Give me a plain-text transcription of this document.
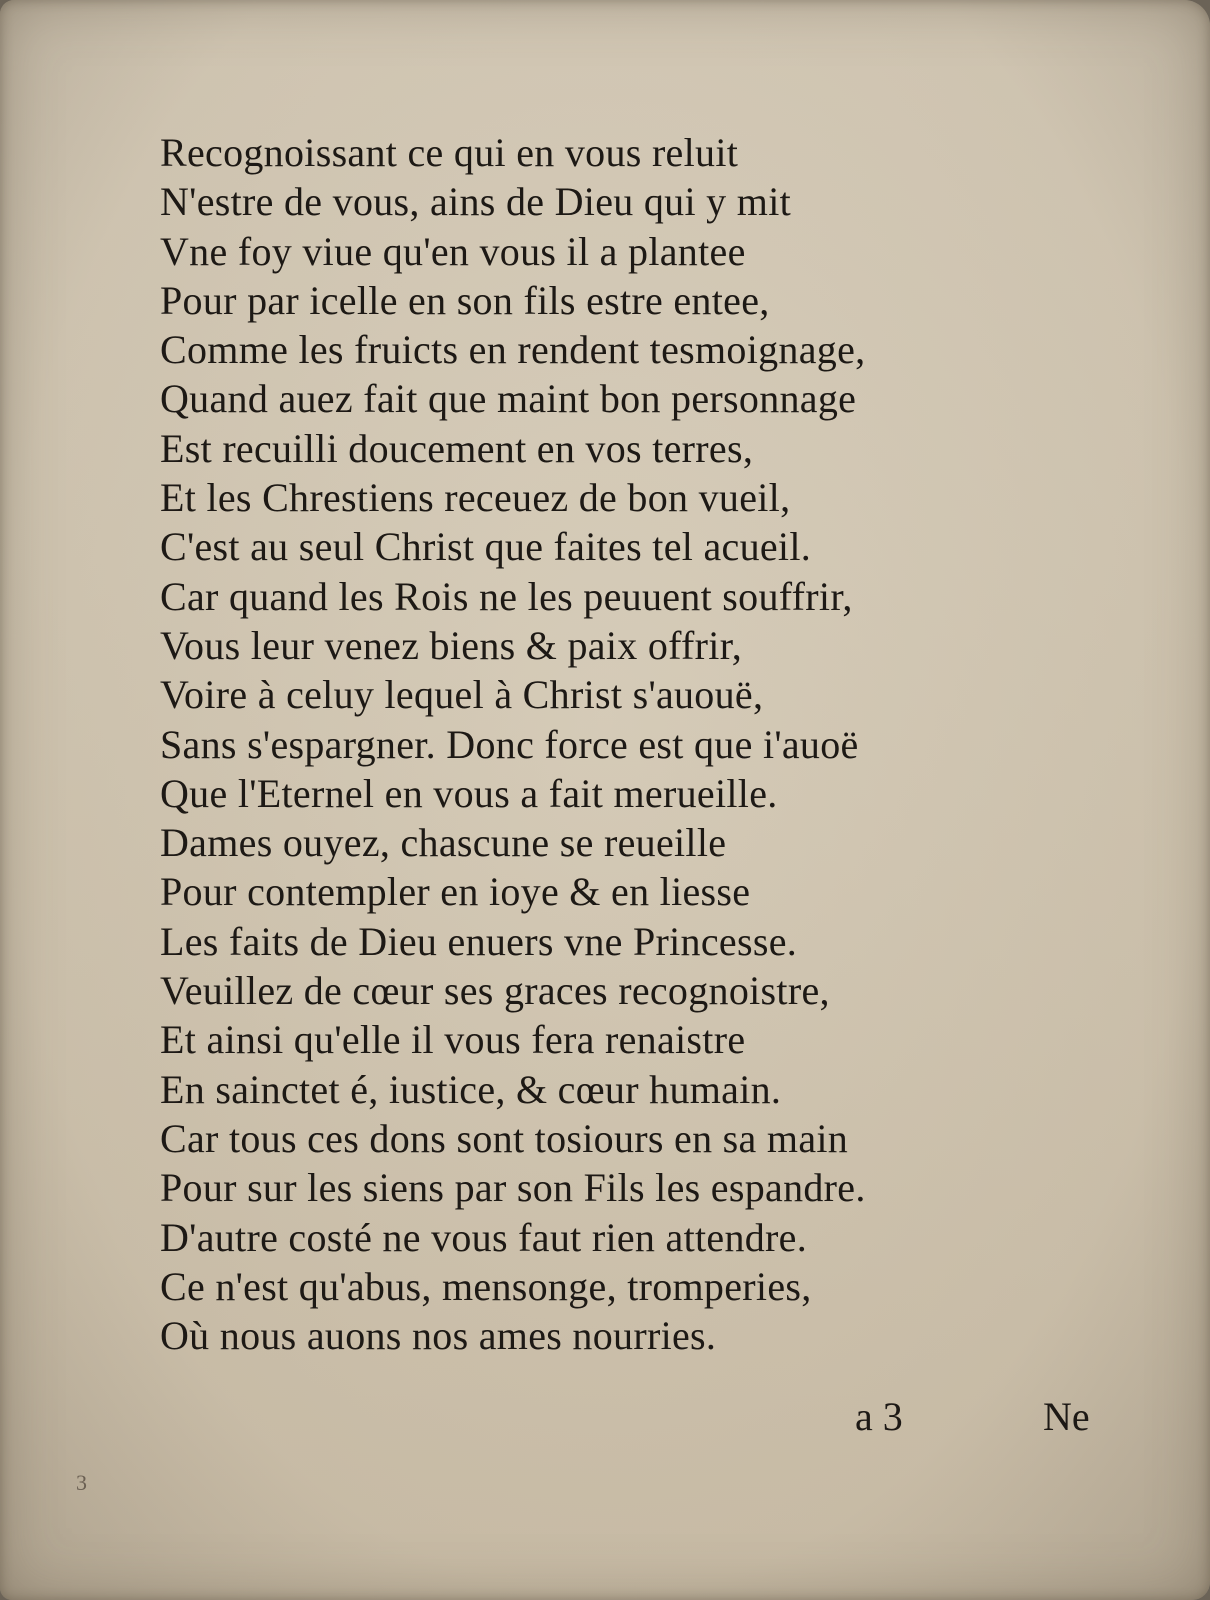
Recognoissant ce qui en vous reluit
N'estre de vous, ains de Dieu qui y mit
Vne foy viue qu'en vous il a plantee
Pour par icelle en son fils estre entee,
Comme les fruicts en rendent tesmoignage,
Quand auez fait que maint bon personnage
Est recuilli doucement en vos terres,
Et les Chrestiens receuez de bon vueil,
C'est au seul Christ que faites tel acueil.
Car quand les Rois ne les peuuent souffrir,
Vous leur venez biens & paix offrir,
Voire à celuy lequel à Christ s'auouë,
Sans s'espargner. Donc force est que i'auoë
Que l'Eternel en vous a fait merueille.
Dames ouyez, chascune se reueille
Pour contempler en ioye & en liesse
Les faits de Dieu enuers vne Princesse.
Veuillez de cœur ses graces recognoistre,
Et ainsi qu'elle il vous fera renaistre
En sainctet é, iustice, & cœur humain.
Car tous ces dons sont tosiours en sa main
Pour sur les siens par son Fils les espandre.
D'autre costé ne vous faut rien attendre.
Ce n'est qu'abus, mensonge, tromperies,
Où nous auons nos ames nourries.
a 3	Ne
3
